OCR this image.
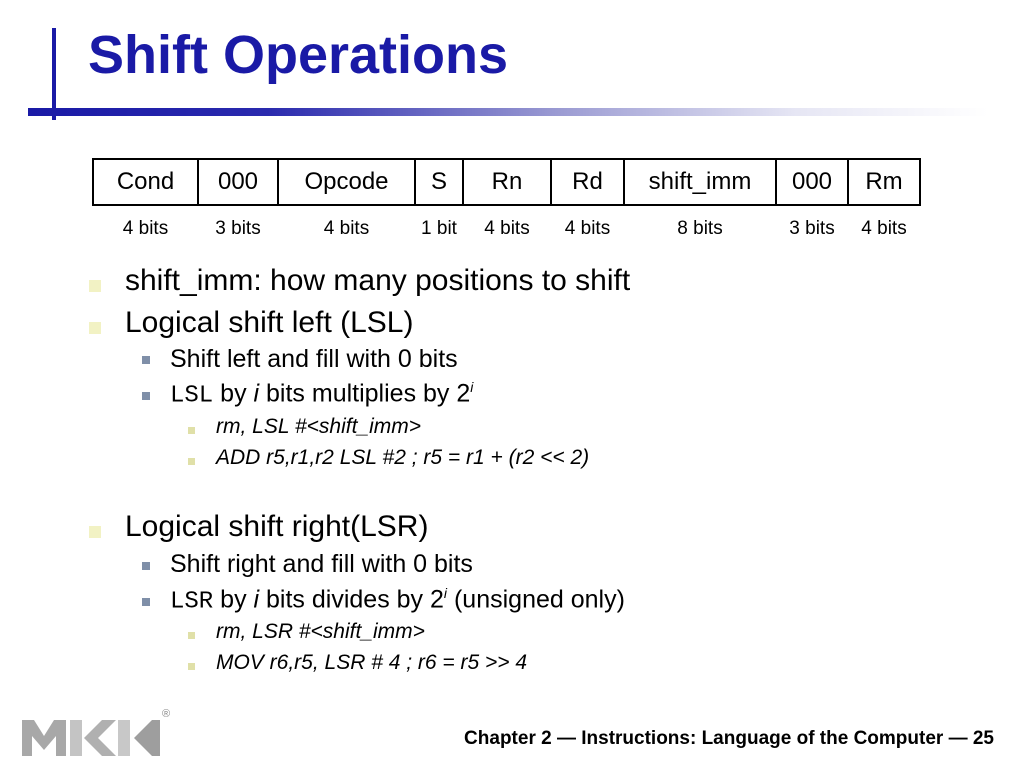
Shift Operations
Cond	000	Opcode	S	Rn	Rd	shift_imm	000	Rm
4 bits	3 bits	4 bits	1 bit	4 bits	4 bits	8 bits	3 bits	4 bits

shift_imm: how many positions to shift

Logical shift left (LSL)

Shift left and fill with 0 bits

LSL by i bits multiplies by 2$^i$

rm, LSL #<shift_imm>

ADD r5,r1,r2 LSL #2 ; r5 = r1 + (r2 << 2)

Logical shift right(LSR)

Shift right and fill with 0 bits

LSR by i bits divides by 2$^i$ (unsigned only)

rm, LSR #<shift_imm>

MOV r6,r5, LSR # 4 ; r6 = r5 >> 4

®

Chapter 2 — Instructions: Language of the Computer — 25
